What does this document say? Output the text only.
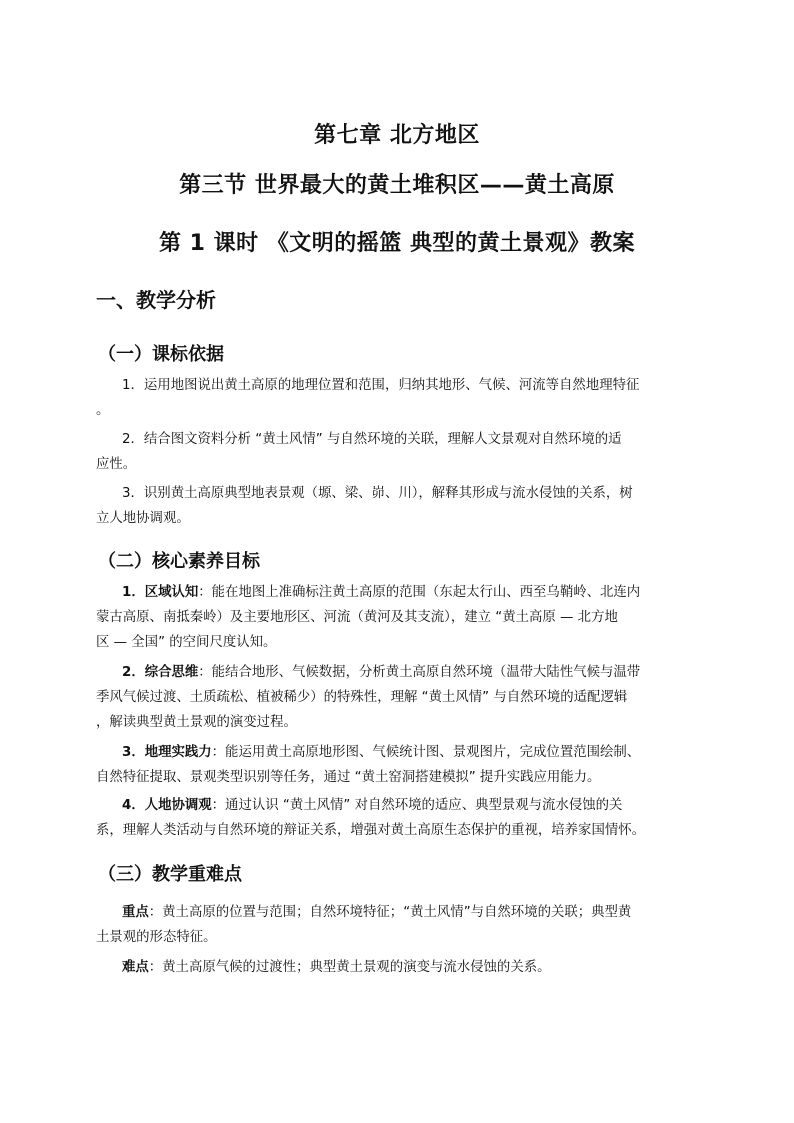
第七章 北方地区
第三节 世界最大的黄土堆积区——黄土高原
第 1 课时 《文明的摇篮 典型的黄土景观》教案
一、教学分析
（一）课标依据
1．运用地图说出黄土高原的地理位置和范围，归纳其地形、气候、河流等自然地理特征
。
2．结合图文资料分析 “黄土风情” 与自然环境的关联，理解人文景观对自然环境的适
应性。
3．识别黄土高原典型地表景观（塬、梁、峁、川），解释其形成与流水侵蚀的关系，树
立人地协调观。
（二）核心素养目标
1．区域认知：能在地图上准确标注黄土高原的范围（东起太行山、西至乌鞘岭、北连内
蒙古高原、南抵秦岭）及主要地形区、河流（黄河及其支流），建立 “黄土高原 — 北方地
区 — 全国” 的空间尺度认知。
2．综合思维：能结合地形、气候数据，分析黄土高原自然环境（温带大陆性气候与温带
季风气候过渡、土质疏松、植被稀少）的特殊性，理解 “黄土风情” 与自然环境的适配逻辑
，解读典型黄土景观的演变过程。
3．地理实践力：能运用黄土高原地形图、气候统计图、景观图片，完成位置范围绘制、
自然特征提取、景观类型识别等任务，通过 “黄土窑洞搭建模拟” 提升实践应用能力。
4．人地协调观：通过认识 “黄土风情” 对自然环境的适应、典型景观与流水侵蚀的关
系，理解人类活动与自然环境的辩证关系，增强对黄土高原生态保护的重视，培养家国情怀。
（三）教学重难点
重点：黄土高原的位置与范围；自然环境特征；“黄土风情”与自然环境的关联；典型黄
土景观的形态特征。
难点：黄土高原气候的过渡性；典型黄土景观的演变与流水侵蚀的关系。
